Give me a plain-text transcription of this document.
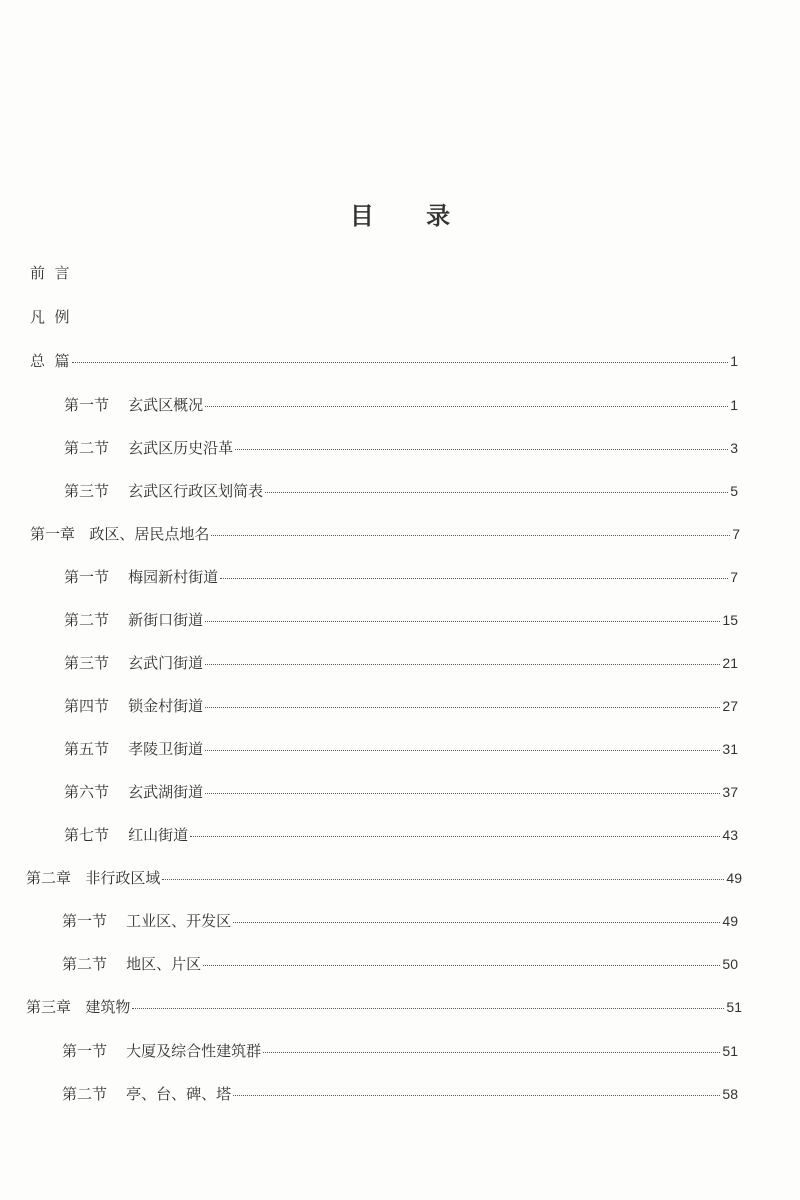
目 录
前  言
凡  例
总  篇	1
第一节 玄武区概况	1
第二节 玄武区历史沿革	3
第三节 玄武区行政区划简表	5
第一章 政区、居民点地名	7
第一节 梅园新村街道	7
第二节 新街口街道	15
第三节 玄武门街道	21
第四节 锁金村街道	27
第五节 孝陵卫街道	31
第六节 玄武湖街道	37
第七节 红山街道	43
第二章 非行政区域	49
第一节 工业区、开发区	49
第二节 地区、片区	50
第三章 建筑物	51
第一节 大厦及综合性建筑群	51
第二节 亭、台、碑、塔	58
